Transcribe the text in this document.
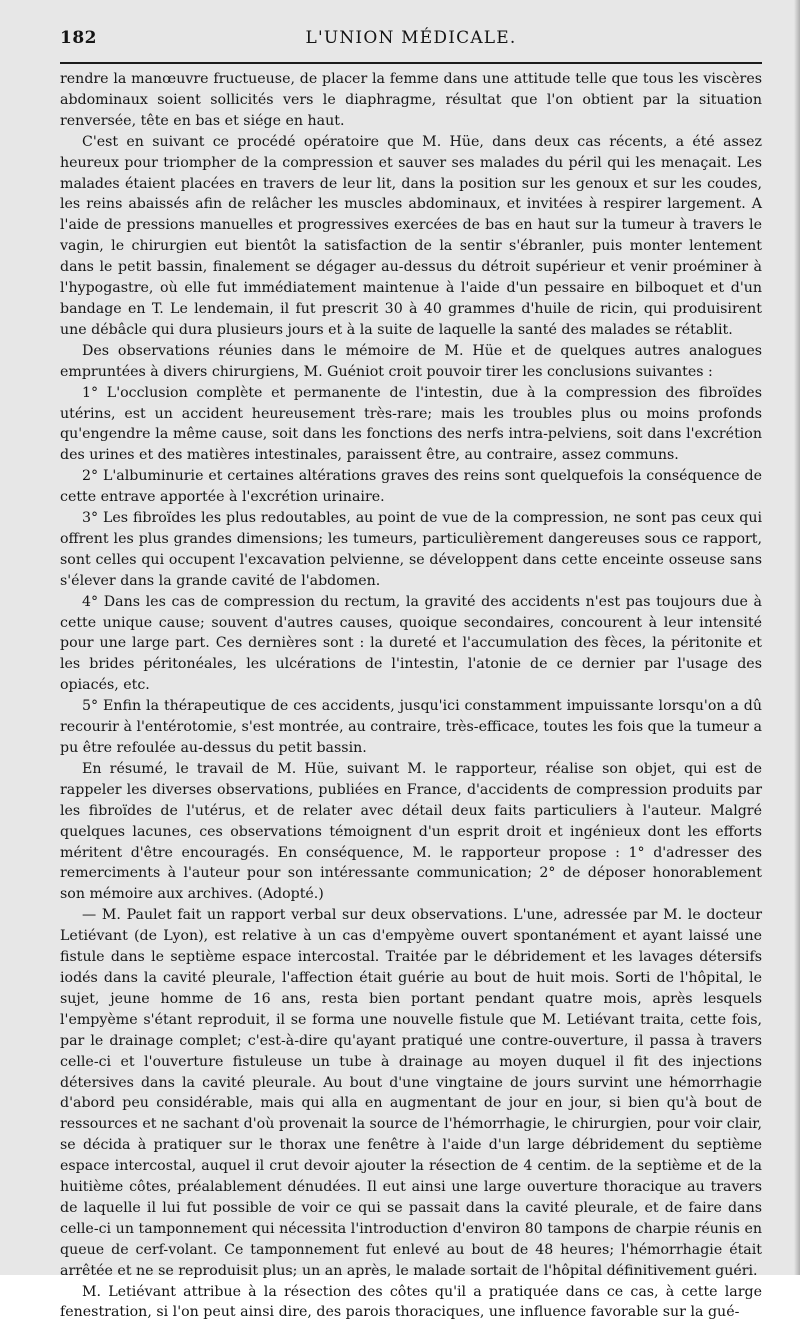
182	L'UNION MÉDICALE.

rendre la manœuvre fructueuse, de placer la femme dans une attitude telle que tous les viscères abdominaux soient sollicités vers le diaphragme, résultat que l'on obtient par la situation renversée, tête en bas et siége en haut.

C'est en suivant ce procédé opératoire que M. Hüe, dans deux cas récents, a été assez heureux pour triompher de la compression et sauver ses malades du péril qui les menaçait. Les malades étaient placées en travers de leur lit, dans la position sur les genoux et sur les coudes, les reins abaissés afin de relâcher les muscles abdominaux, et invitées à respirer largement. A l'aide de pressions manuelles et progressives exercées de bas en haut sur la tumeur à travers le vagin, le chirurgien eut bientôt la satisfaction de la sentir s'ébranler, puis monter lentement dans le petit bassin, finalement se dégager au-dessus du détroit supérieur et venir proéminer à l'hypogastre, où elle fut immédiatement maintenue à l'aide d'un pessaire en bilboquet et d'un bandage en T. Le lendemain, il fut prescrit 30 à 40 grammes d'huile de ricin, qui produisirent une débâcle qui dura plusieurs jours et à la suite de laquelle la santé des malades se rétablit.

Des observations réunies dans le mémoire de M. Hüe et de quelques autres analogues empruntées à divers chirurgiens, M. Guéniot croit pouvoir tirer les conclusions suivantes :

1° L'occlusion complète et permanente de l'intestin, due à la compression des fibroïdes utérins, est un accident heureusement très-rare; mais les troubles plus ou moins profonds qu'engendre la même cause, soit dans les fonctions des nerfs intra-pelviens, soit dans l'excrétion des urines et des matières intestinales, paraissent être, au contraire, assez communs.

2° L'albuminurie et certaines altérations graves des reins sont quelquefois la conséquence de cette entrave apportée à l'excrétion urinaire.

3° Les fibroïdes les plus redoutables, au point de vue de la compression, ne sont pas ceux qui offrent les plus grandes dimensions; les tumeurs, particulièrement dangereuses sous ce rapport, sont celles qui occupent l'excavation pelvienne, se développent dans cette enceinte osseuse sans s'élever dans la grande cavité de l'abdomen.

4° Dans les cas de compression du rectum, la gravité des accidents n'est pas toujours due à cette unique cause; souvent d'autres causes, quoique secondaires, concourent à leur intensité pour une large part. Ces dernières sont : la dureté et l'accumulation des fèces, la péritonite et les brides péritonéales, les ulcérations de l'intestin, l'atonie de ce dernier par l'usage des opiacés, etc.

5° Enfin la thérapeutique de ces accidents, jusqu'ici constamment impuissante lorsqu'on a dû recourir à l'entérotomie, s'est montrée, au contraire, très-efficace, toutes les fois que la tumeur a pu être refoulée au-dessus du petit bassin.

En résumé, le travail de M. Hüe, suivant M. le rapporteur, réalise son objet, qui est de rappeler les diverses observations, publiées en France, d'accidents de compression produits par les fibroïdes de l'utérus, et de relater avec détail deux faits particuliers à l'auteur. Malgré quelques lacunes, ces observations témoignent d'un esprit droit et ingénieux dont les efforts méritent d'être encouragés. En conséquence, M. le rapporteur propose : 1° d'adresser des remerciments à l'auteur pour son intéressante communication; 2° de déposer honorablement son mémoire aux archives. (Adopté.)

— M. Paulet fait un rapport verbal sur deux observations. L'une, adressée par M. le docteur Letiévant (de Lyon), est relative à un cas d'empyème ouvert spontanément et ayant laissé une fistule dans le septième espace intercostal. Traitée par le débridement et les lavages détersifs iodés dans la cavité pleurale, l'affection était guérie au bout de huit mois. Sorti de l'hôpital, le sujet, jeune homme de 16 ans, resta bien portant pendant quatre mois, après lesquels l'empyème s'étant reproduit, il se forma une nouvelle fistule que M. Letiévant traita, cette fois, par le drainage complet; c'est-à-dire qu'ayant pratiqué une contre-ouverture, il passa à travers celle-ci et l'ouverture fistuleuse un tube à drainage au moyen duquel il fit des injections détersives dans la cavité pleurale. Au bout d'une vingtaine de jours survint une hémorrhagie d'abord peu considérable, mais qui alla en augmentant de jour en jour, si bien qu'à bout de ressources et ne sachant d'où provenait la source de l'hémorrhagie, le chirurgien, pour voir clair, se décida à pratiquer sur le thorax une fenêtre à l'aide d'un large débridement du septième espace intercostal, auquel il crut devoir ajouter la résection de 4 centim. de la septième et de la huitième côtes, préalablement dénudées. Il eut ainsi une large ouverture thoracique au travers de laquelle il lui fut possible de voir ce qui se passait dans la cavité pleurale, et de faire dans celle-ci un tamponnement qui nécessita l'introduction d'environ 80 tampons de charpie réunis en queue de cerf-volant. Ce tamponnement fut enlevé au bout de 48 heures; l'hémorrhagie était arrêtée et ne se reproduisit plus; un an après, le malade sortait de l'hôpital définitivement guéri.

M. Letiévant attribue à la résection des côtes qu'il a pratiquée dans ce cas, à cette large fenestration, si l'on peut ainsi dire, des parois thoraciques, une influence favorable sur la gué-
